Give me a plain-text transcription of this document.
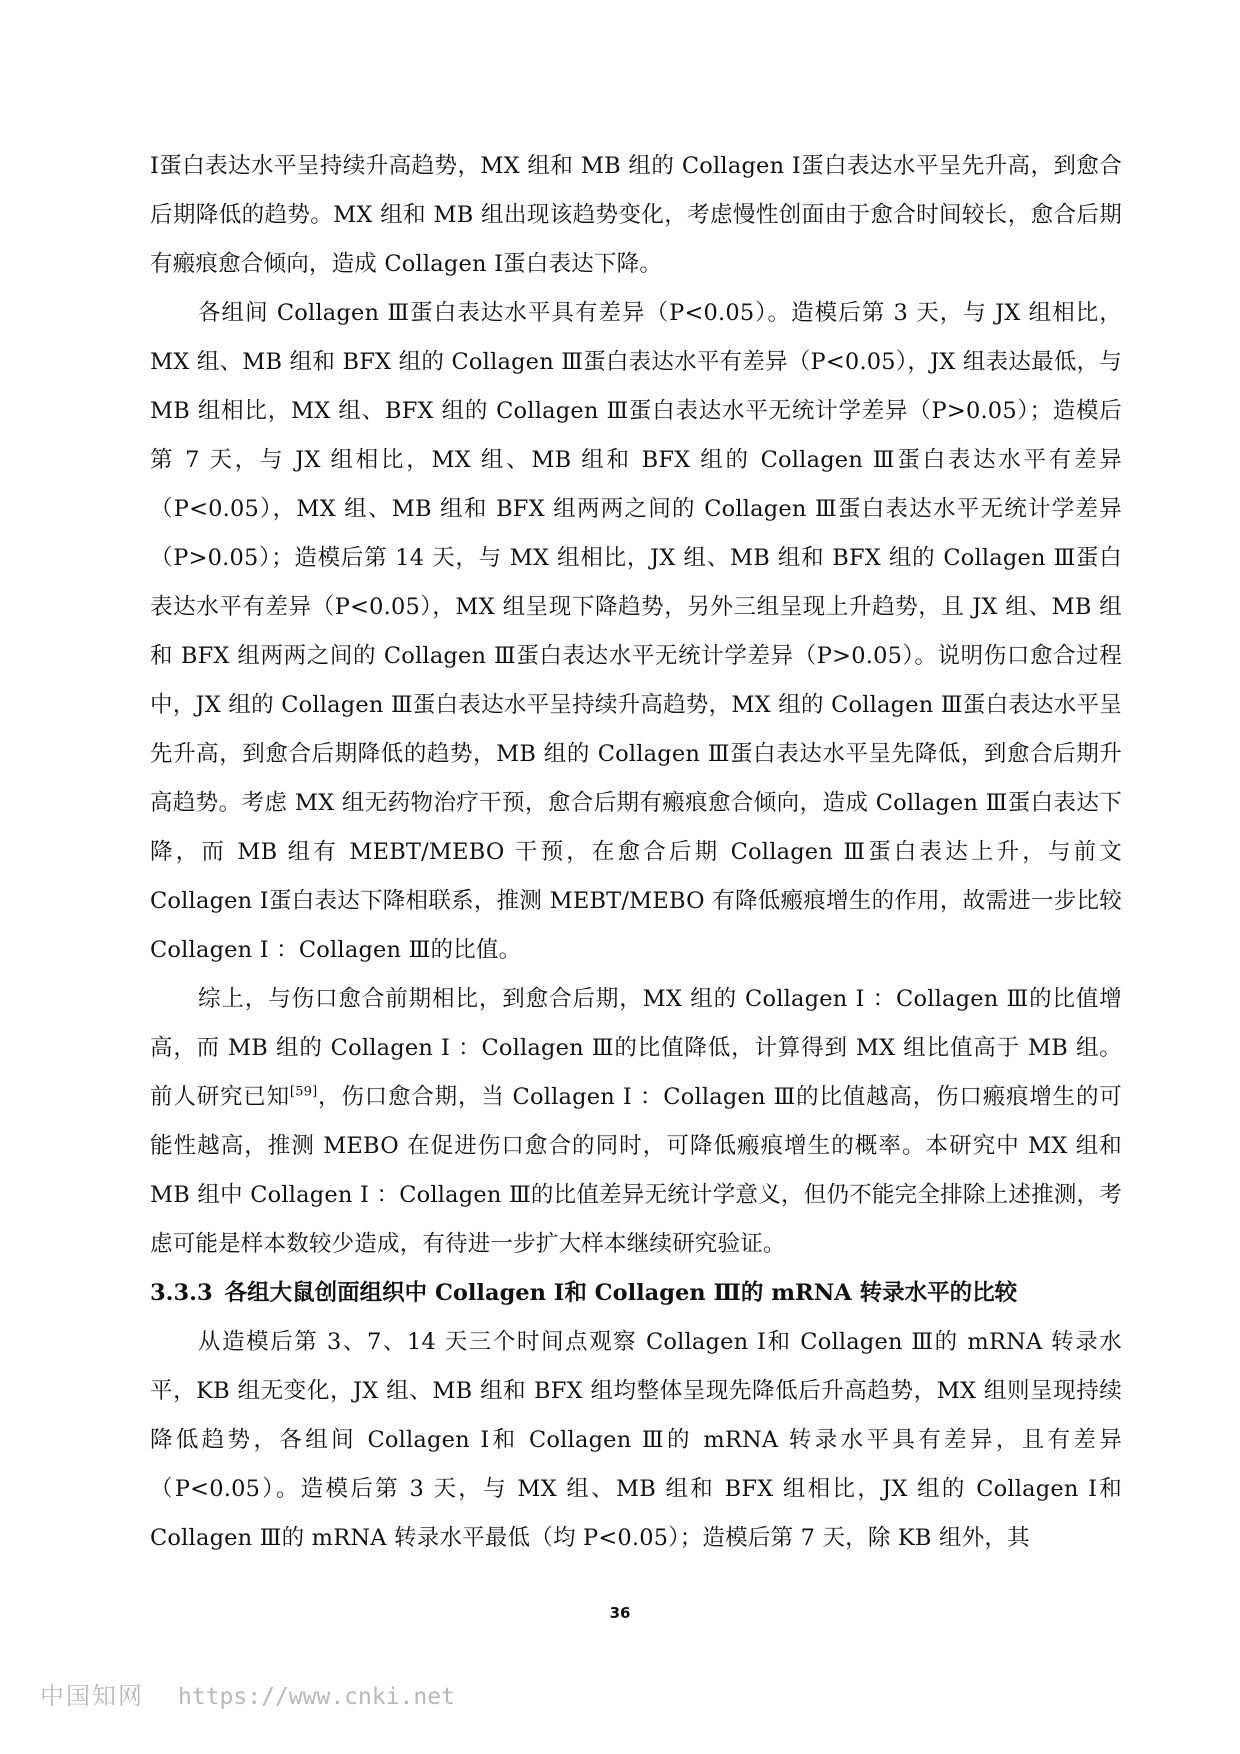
I蛋白表达水平呈持续升高趋势，MX 组和 MB 组的 Collagen I蛋白表达水平呈先升高，到愈合后期降低的趋势。MX 组和 MB 组出现该趋势变化，考虑慢性创面由于愈合时间较长，愈合后期有瘢痕愈合倾向，造成 Collagen I蛋白表达下降。

各组间 Collagen Ⅲ蛋白表达水平具有差异（P<0.05）。造模后第 3 天，与 JX 组相比，MX 组、MB 组和 BFX 组的 Collagen Ⅲ蛋白表达水平有差异（P<0.05），JX 组表达最低，与 MB 组相比，MX 组、BFX 组的 Collagen Ⅲ蛋白表达水平无统计学差异（P>0.05）；造模后第 7 天，与 JX 组相比，MX 组、MB 组和 BFX 组的 Collagen Ⅲ蛋白表达水平有差异（P<0.05），MX 组、MB 组和 BFX 组两两之间的 Collagen Ⅲ蛋白表达水平无统计学差异（P>0.05）；造模后第 14 天，与 MX 组相比，JX 组、MB 组和 BFX 组的 Collagen Ⅲ蛋白表达水平有差异（P<0.05），MX 组呈现下降趋势，另外三组呈现上升趋势，且 JX 组、MB 组和 BFX 组两两之间的 Collagen Ⅲ蛋白表达水平无统计学差异（P>0.05）。说明伤口愈合过程中，JX 组的 Collagen Ⅲ蛋白表达水平呈持续升高趋势，MX 组的 Collagen Ⅲ蛋白表达水平呈先升高，到愈合后期降低的趋势，MB 组的 Collagen Ⅲ蛋白表达水平呈先降低，到愈合后期升高趋势。考虑 MX 组无药物治疗干预，愈合后期有瘢痕愈合倾向，造成 Collagen Ⅲ蛋白表达下降，而 MB 组有 MEBT/MEBO 干预，在愈合后期 Collagen Ⅲ蛋白表达上升，与前文 Collagen I蛋白表达下降相联系，推测 MEBT/MEBO 有降低瘢痕增生的作用，故需进一步比较 Collagen I ：Collagen Ⅲ的比值。

综上，与伤口愈合前期相比，到愈合后期，MX 组的 Collagen I ：Collagen Ⅲ的比值增高，而 MB 组的 Collagen I ：Collagen Ⅲ的比值降低，计算得到 MX 组比值高于 MB 组。前人研究已知[59]，伤口愈合期，当 Collagen I ：Collagen Ⅲ的比值越高，伤口瘢痕增生的可能性越高，推测 MEBO 在促进伤口愈合的同时，可降低瘢痕增生的概率。本研究中 MX 组和 MB 组中 Collagen I ：Collagen Ⅲ的比值差异无统计学意义，但仍不能完全排除上述推测，考虑可能是样本数较少造成，有待进一步扩大样本继续研究验证。

3.3.3 各组大鼠创面组织中 Collagen I和 Collagen Ⅲ的 mRNA 转录水平的比较

从造模后第 3、7、14 天三个时间点观察 Collagen I和 Collagen Ⅲ的 mRNA 转录水平，KB 组无变化，JX 组、MB 组和 BFX 组均整体呈现先降低后升高趋势，MX 组则呈现持续降低趋势，各组间 Collagen I和 Collagen Ⅲ的 mRNA 转录水平具有差异，且有差异（P<0.05）。造模后第 3 天，与 MX 组、MB 组和 BFX 组相比，JX 组的 Collagen I和 Collagen Ⅲ的 mRNA 转录水平最低（均 P<0.05）；造模后第 7 天，除 KB 组外，其

36
中国知网 https://www.cnki.net
